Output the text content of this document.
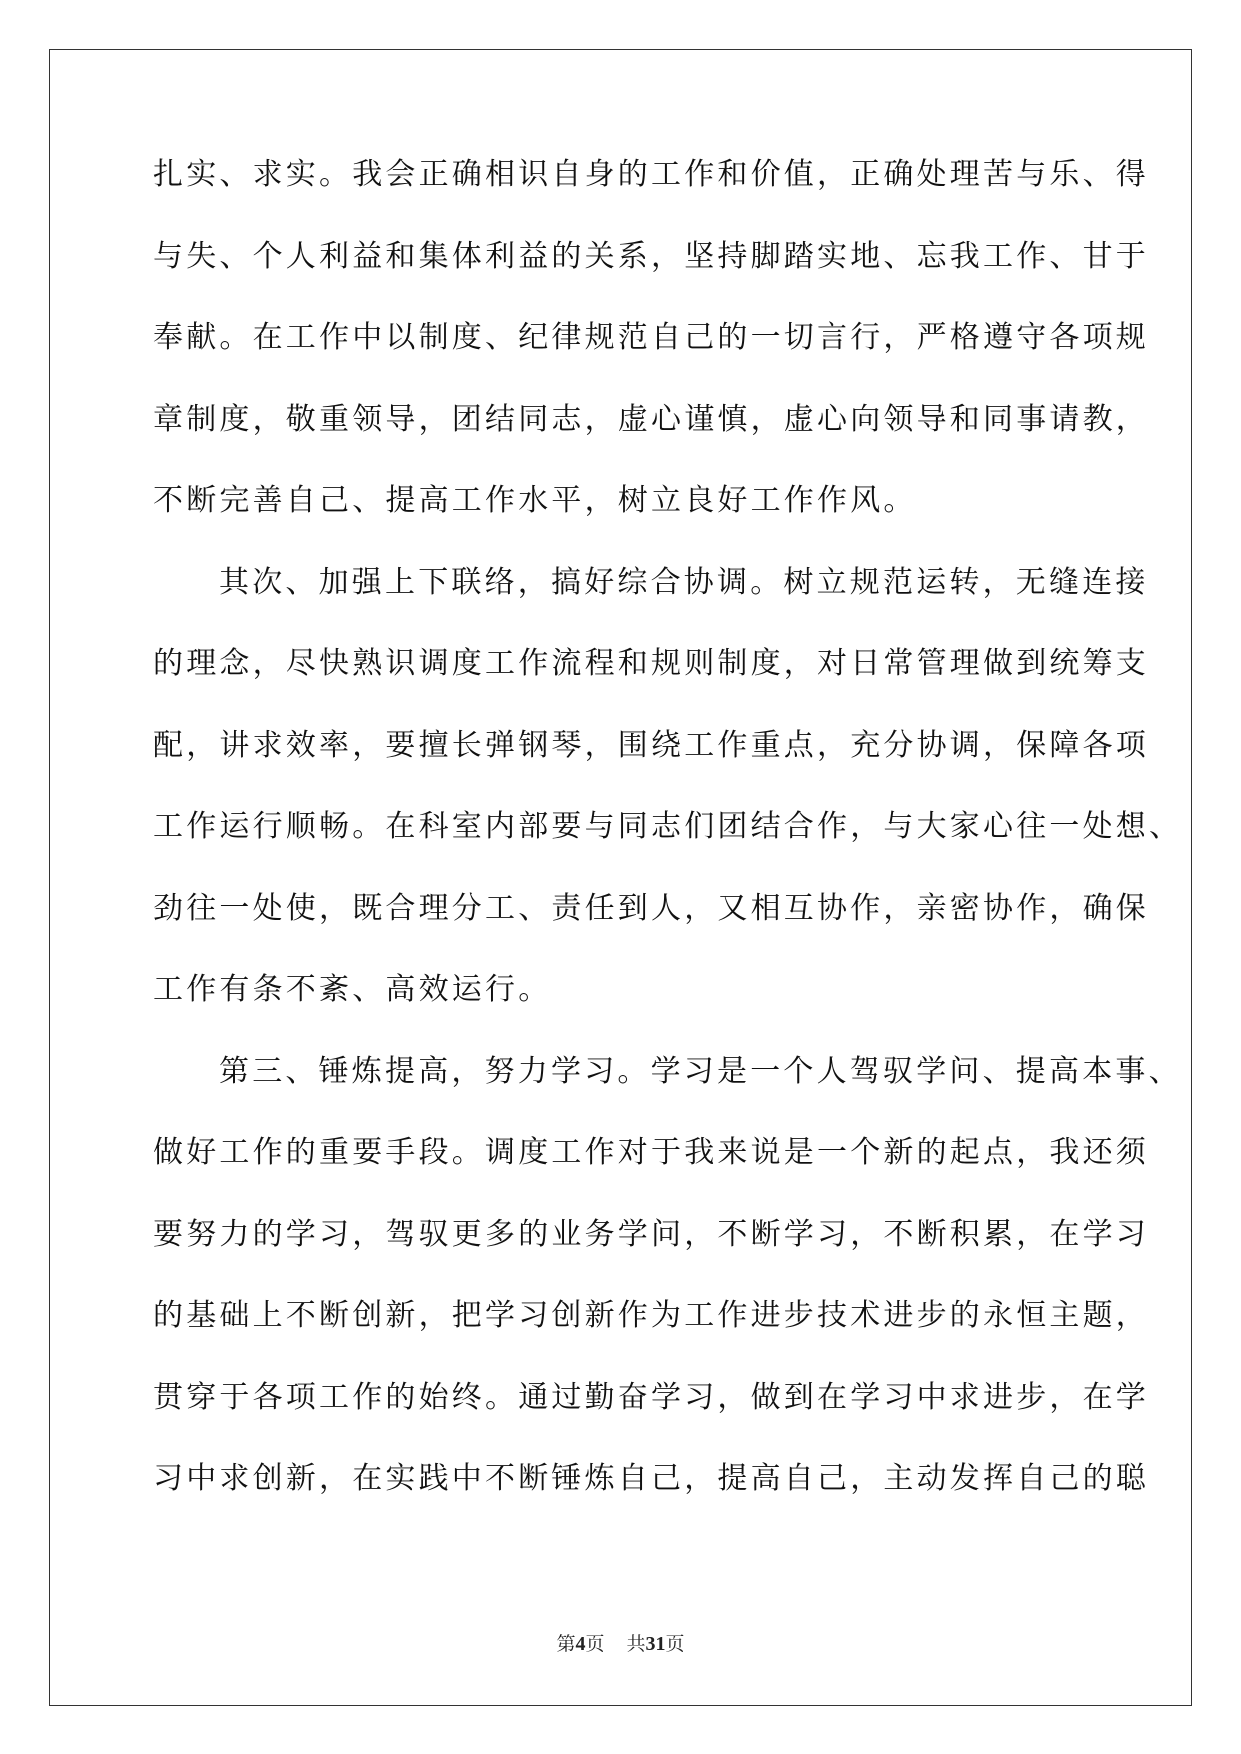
扎实、求实。我会正确相识自身的工作和价值，正确处理苦与乐、得
与失、个人利益和集体利益的关系，坚持脚踏实地、忘我工作、甘于
奉献。在工作中以制度、纪律规范自己的一切言行，严格遵守各项规
章制度，敬重领导，团结同志，虚心谨慎，虚心向领导和同事请教，
不断完善自己、提高工作水平，树立良好工作作风。
其次、加强上下联络，搞好综合协调。树立规范运转，无缝连接
的理念，尽快熟识调度工作流程和规则制度，对日常管理做到统筹支
配，讲求效率，要擅长弹钢琴，围绕工作重点，充分协调，保障各项
工作运行顺畅。在科室内部要与同志们团结合作，与大家心往一处想、
劲往一处使，既合理分工、责任到人，又相互协作，亲密协作，确保
工作有条不紊、高效运行。
第三、锤炼提高，努力学习。学习是一个人驾驭学问、提高本事、
做好工作的重要手段。调度工作对于我来说是一个新的起点，我还须
要努力的学习，驾驭更多的业务学问，不断学习，不断积累，在学习
的基础上不断创新，把学习创新作为工作进步技术进步的永恒主题，
贯穿于各项工作的始终。通过勤奋学习，做到在学习中求进步，在学
习中求创新，在实践中不断锤炼自己，提高自己，主动发挥自己的聪
第4页 共31页
